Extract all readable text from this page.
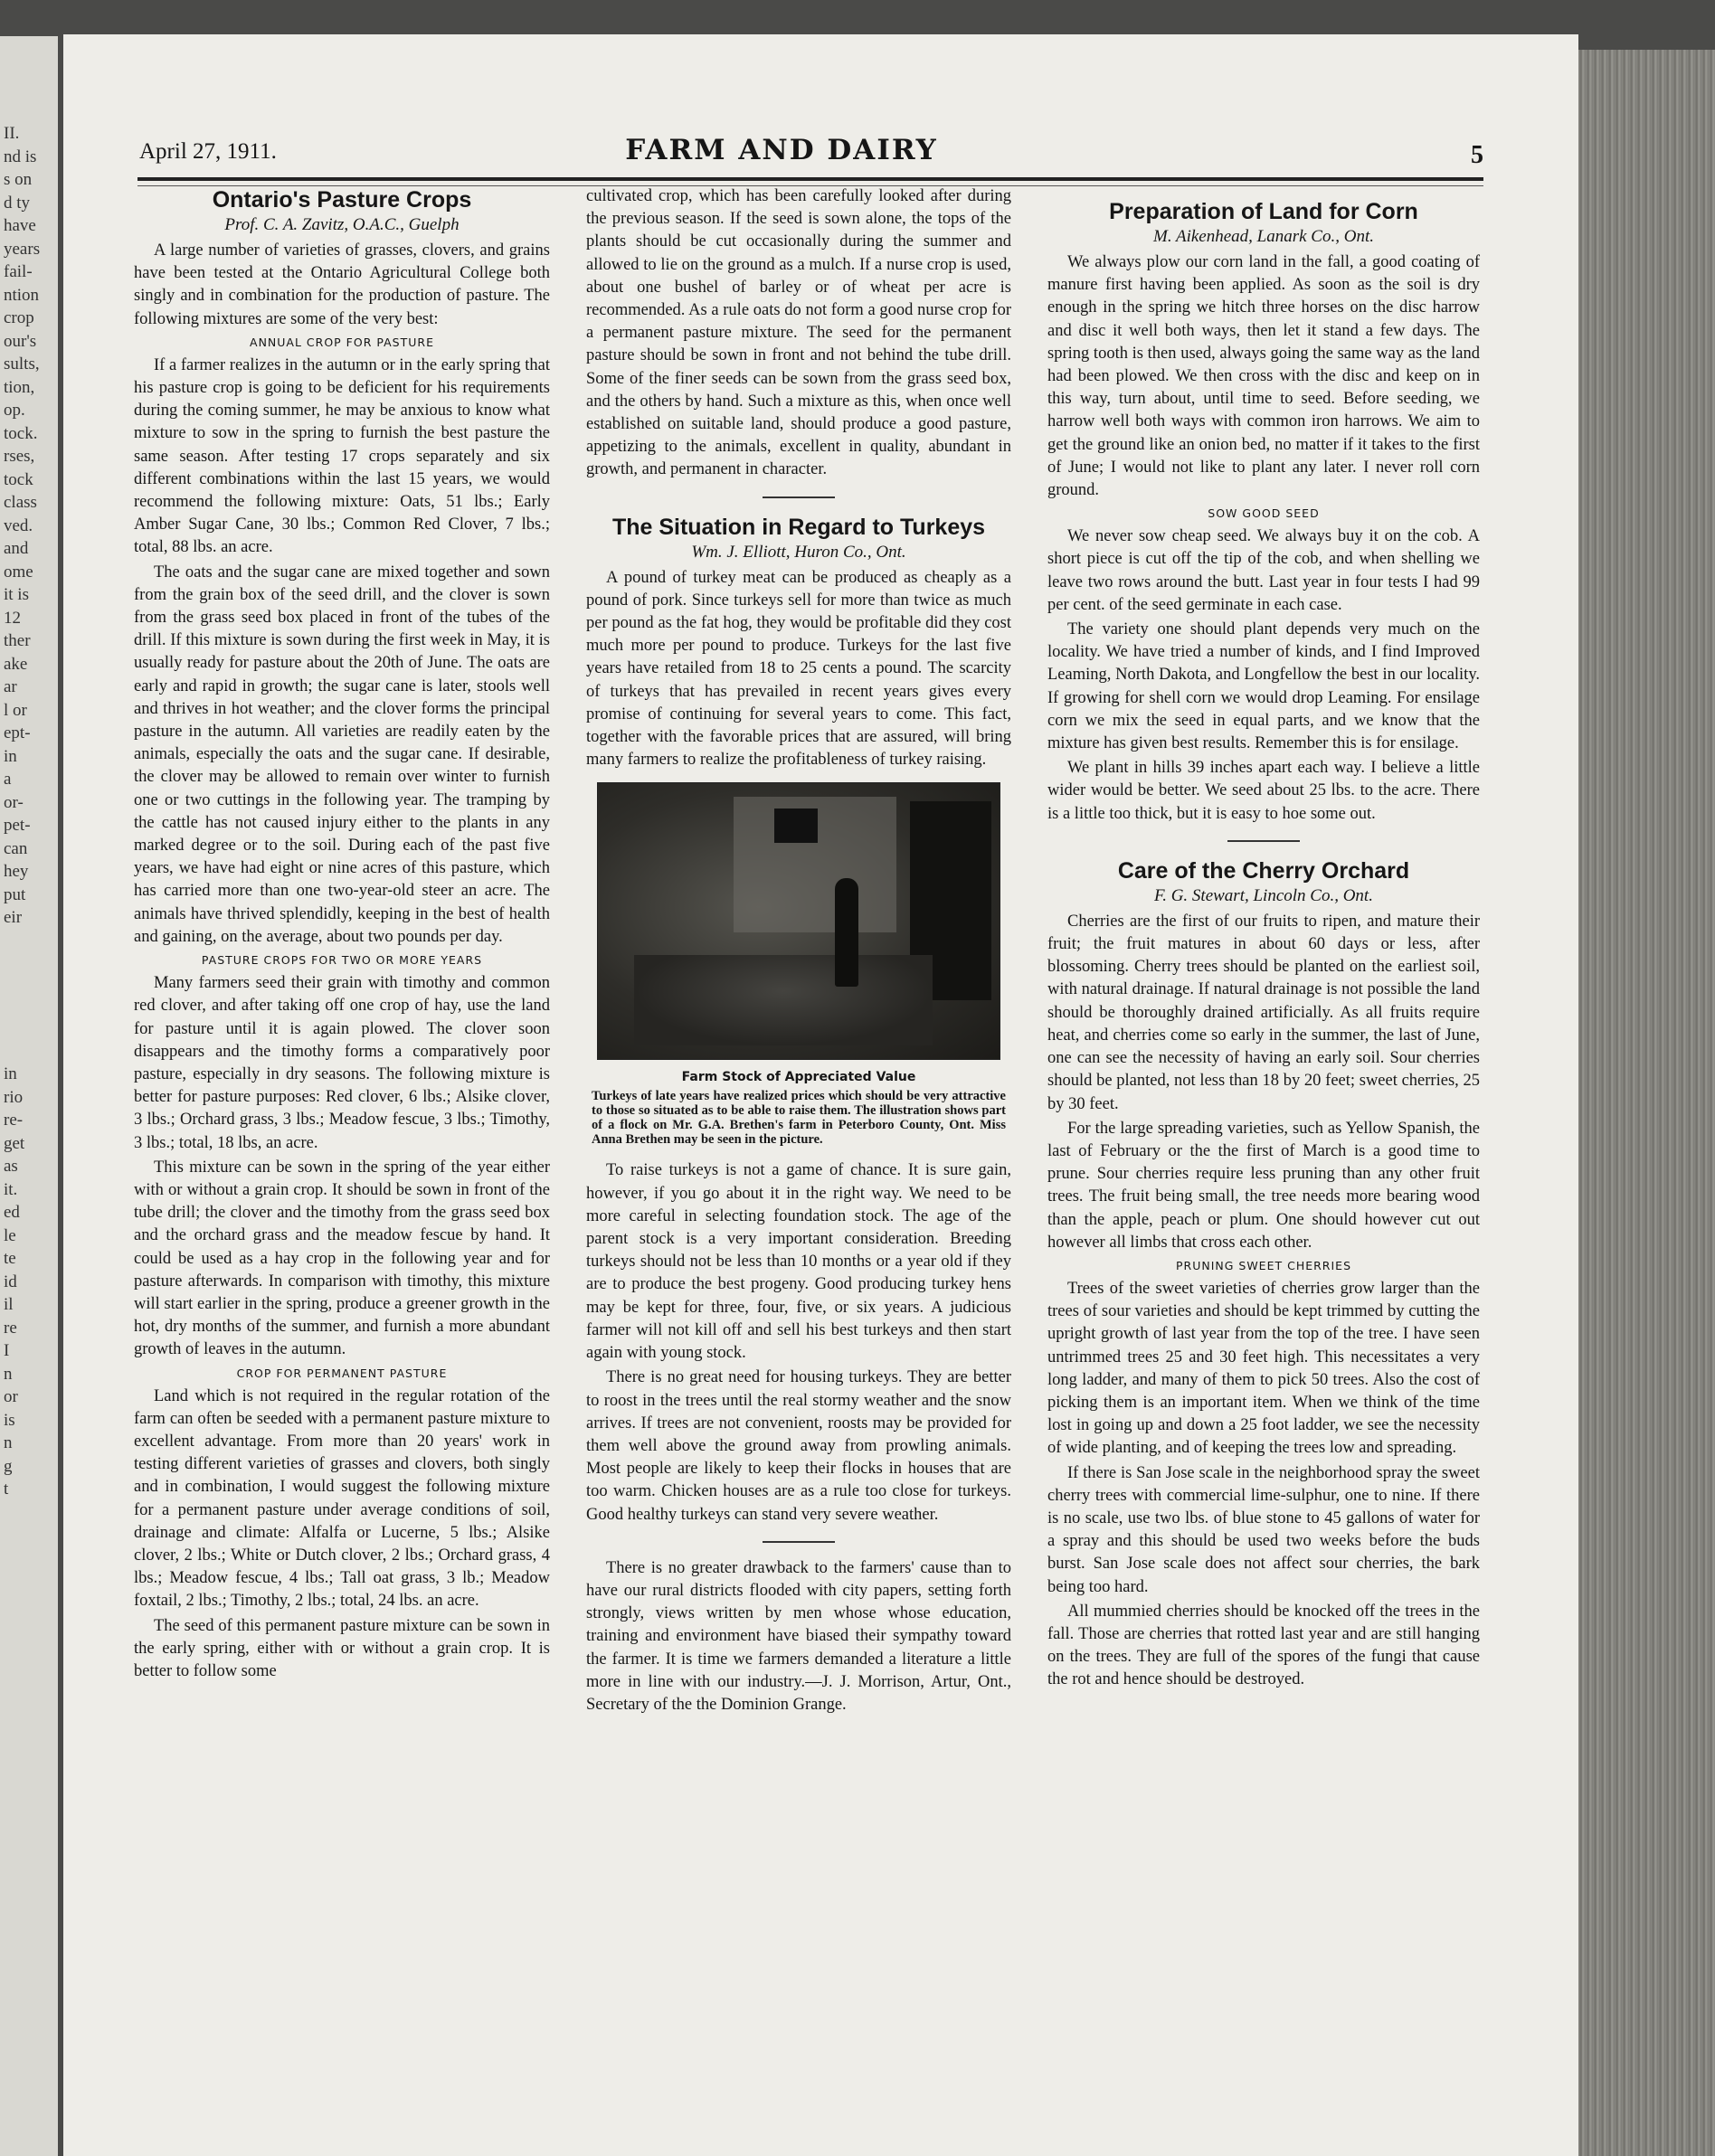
II.
nd is
s on
d ty
have
years
fail-
ntion
crop
our's
sults,
tion,
op.
tock.
rses,
tock
class
ved.
and
ome
it is
12
ther
ake
ar
l or
ept-
in
a
or-
pet-
can
hey
put
eir
in
rio
re-
get
as
it.
ed
le
te
id
il
re
I
n
or
is
n
g
t
April 27, 1911.	FARM AND DAIRY	5
Ontario's Pasture Crops
Prof. C. A. Zavitz, O.A.C., Guelph

A large number of varieties of grasses, clovers, and grains have been tested at the Ontario Agricultural College both singly and in combination for the production of pasture. The following mixtures are some of the very best:

ANNUAL CROP FOR PASTURE

If a farmer realizes in the autumn or in the early spring that his pasture crop is going to be deficient for his requirements during the coming summer, he may be anxious to know what mixture to sow in the spring to furnish the best pasture the same season. After testing 17 crops separately and six different combinations within the last 15 years, we would recommend the following mixture: Oats, 51 lbs.; Early Amber Sugar Cane, 30 lbs.; Common Red Clover, 7 lbs.; total, 88 lbs. an acre.

The oats and the sugar cane are mixed together and sown from the grain box of the seed drill, and the clover is sown from the grass seed box placed in front of the tubes of the drill. If this mixture is sown during the first week in May, it is usually ready for pasture about the 20th of June. The oats are early and rapid in growth; the sugar cane is later, stools well and thrives in hot weather; and the clover forms the principal pasture in the autumn. All varieties are readily eaten by the animals, especially the oats and the sugar cane. If desirable, the clover may be allowed to remain over winter to furnish one or two cuttings in the following year. The tramping by the cattle has not caused injury either to the plants in any marked degree or to the soil. During each of the past five years, we have had eight or nine acres of this pasture, which has carried more than one two-year-old steer an acre. The animals have thrived splendidly, keeping in the best of health and gaining, on the average, about two pounds per day.

PASTURE CROPS FOR TWO OR MORE YEARS

Many farmers seed their grain with timothy and common red clover, and after taking off one crop of hay, use the land for pasture until it is again plowed. The clover soon disappears and the timothy forms a comparatively poor pasture, especially in dry seasons. The following mixture is better for pasture purposes: Red clover, 6 lbs.; Alsike clover, 3 lbs.; Orchard grass, 3 lbs.; Meadow fescue, 3 lbs.; Timothy, 3 lbs.; total, 18 lbs, an acre.

This mixture can be sown in the spring of the year either with or without a grain crop. It should be sown in front of the tube drill; the clover and the timothy from the grass seed box and the orchard grass and the meadow fescue by hand. It could be used as a hay crop in the following year and for pasture afterwards. In comparison with timothy, this mixture will start earlier in the spring, produce a greener growth in the hot, dry months of the summer, and furnish a more abundant growth of leaves in the autumn.

CROP FOR PERMANENT PASTURE

Land which is not required in the regular rotation of the farm can often be seeded with a permanent pasture mixture to excellent advantage. From more than 20 years' work in testing different varieties of grasses and clovers, both singly and in combination, I would suggest the following mixture for a permanent pasture under average conditions of soil, drainage and climate: Alfalfa or Lucerne, 5 lbs.; Alsike clover, 2 lbs.; White or Dutch clover, 2 lbs.; Orchard grass, 4 lbs.; Meadow fescue, 4 lbs.; Tall oat grass, 3 lb.; Meadow foxtail, 2 lbs.; Timothy, 2 lbs.; total, 24 lbs. an acre.

The seed of this permanent pasture mixture can be sown in the early spring, either with or without a grain crop. It is better to follow some

cultivated crop, which has been carefully looked after during the previous season. If the seed is sown alone, the tops of the plants should be cut occasionally during the summer and allowed to lie on the ground as a mulch. If a nurse crop is used, about one bushel of barley or of wheat per acre is recommended. As a rule oats do not form a good nurse crop for a permanent pasture mixture. The seed for the permanent pasture should be sown in front and not behind the tube drill. Some of the finer seeds can be sown from the grass seed box, and the others by hand. Such a mixture as this, when once well established on suitable land, should produce a good pasture, appetizing to the animals, excellent in quality, abundant in growth, and permanent in character.

The Situation in Regard to Turkeys
Wm. J. Elliott, Huron Co., Ont.

A pound of turkey meat can be produced as cheaply as a pound of pork. Since turkeys sell for more than twice as much per pound as the fat hog, they would be profitable did they cost much more per pound to produce. Turkeys for the last five years have retailed from 18 to 25 cents a pound. The scarcity of turkeys that has prevailed in recent years gives every promise of continuing for several years to come. This fact, together with the favorable prices that are assured, will bring many farmers to realize the profitableness of turkey raising.

Farm Stock of Appreciated Value
Turkeys of late years have realized prices which should be very attractive to those so situated as to be able to raise them. The illustration shows part of a flock on Mr. G.A. Brethen's farm in Peterboro County, Ont. Miss Anna Brethen may be seen in the picture.

To raise turkeys is not a game of chance. It is sure gain, however, if you go about it in the right way. We need to be more careful in selecting foundation stock. The age of the parent stock is a very important consideration. Breeding turkeys should not be less than 10 months or a year old if they are to produce the best progeny. Good producing turkey hens may be kept for three, four, five, or six years. A judicious farmer will not kill off and sell his best turkeys and then start again with young stock.

There is no great need for housing turkeys. They are better to roost in the trees until the real stormy weather and the snow arrives. If trees are not convenient, roosts may be provided for them well above the ground away from prowling animals. Most people are likely to keep their flocks in houses that are too warm. Chicken houses are as a rule too close for turkeys. Good healthy turkeys can stand very severe weather.

There is no greater drawback to the farmers' cause than to have our rural districts flooded with city papers, setting forth strongly, views written by men whose whose education, training and environment have biased their sympathy toward the farmer. It is time we farmers demanded a literature a little more in line with our industry.—J. J. Morrison, Artur, Ont., Secretary of the the Dominion Grange.

Preparation of Land for Corn
M. Aikenhead, Lanark Co., Ont.

We always plow our corn land in the fall, a good coating of manure first having been applied. As soon as the soil is dry enough in the spring we hitch three horses on the disc harrow and disc it well both ways, then let it stand a few days. The spring tooth is then used, always going the same way as the land had been plowed. We then cross with the disc and keep on in this way, turn about, until time to seed. Before seeding, we harrow well both ways with common iron harrows. We aim to get the ground like an onion bed, no matter if it takes to the first of June; I would not like to plant any later. I never roll corn ground.

SOW GOOD SEED

We never sow cheap seed. We always buy it on the cob. A short piece is cut off the tip of the cob, and when shelling we leave two rows around the butt. Last year in four tests I had 99 per cent. of the seed germinate in each case.

The variety one should plant depends very much on the locality. We have tried a number of kinds, and I find Improved Leaming, North Dakota, and Longfellow the best in our locality. If growing for shell corn we would drop Leaming. For ensilage corn we mix the seed in equal parts, and we know that the mixture has given best results. Remember this is for ensilage.

We plant in hills 39 inches apart each way. I believe a little wider would be better. We seed about 25 lbs. to the acre. There is a little too thick, but it is easy to hoe some out.

Care of the Cherry Orchard
F. G. Stewart, Lincoln Co., Ont.

Cherries are the first of our fruits to ripen, and mature their fruit; the fruit matures in about 60 days or less, after blossoming. Cherry trees should be planted on the earliest soil, with natural drainage. If natural drainage is not possible the land should be thoroughly drained artificially. As all fruits require heat, and cherries come so early in the summer, the last of June, one can see the necessity of having an early soil. Sour cherries should be planted, not less than 18 by 20 feet; sweet cherries, 25 by 30 feet.

For the large spreading varieties, such as Yellow Spanish, the last of February or the the first of March is a good time to prune. Sour cherries require less pruning than any other fruit trees. The fruit being small, the tree needs more bearing wood than the apple, peach or plum. One should however cut out however all limbs that cross each other.

PRUNING SWEET CHERRIES

Trees of the sweet varieties of cherries grow larger than the trees of sour varieties and should be kept trimmed by cutting the upright growth of last year from the top of the tree. I have seen untrimmed trees 25 and 30 feet high. This necessitates a very long ladder, and many of them to pick 50 trees. Also the cost of picking them is an important item. When we think of the time lost in going up and down a 25 foot ladder, we see the necessity of wide planting, and of keeping the trees low and spreading.

If there is San Jose scale in the neighborhood spray the sweet cherry trees with commercial lime-sulphur, one to nine. If there is no scale, use two lbs. of blue stone to 45 gallons of water for a spray and this should be used two weeks before the buds burst. San Jose scale does not affect sour cherries, the bark being too hard.

All mummied cherries should be knocked off the trees in the fall. Those are cherries that rotted last year and are still hanging on the trees. They are full of the spores of the fungi that cause the rot and hence should be destroyed.
